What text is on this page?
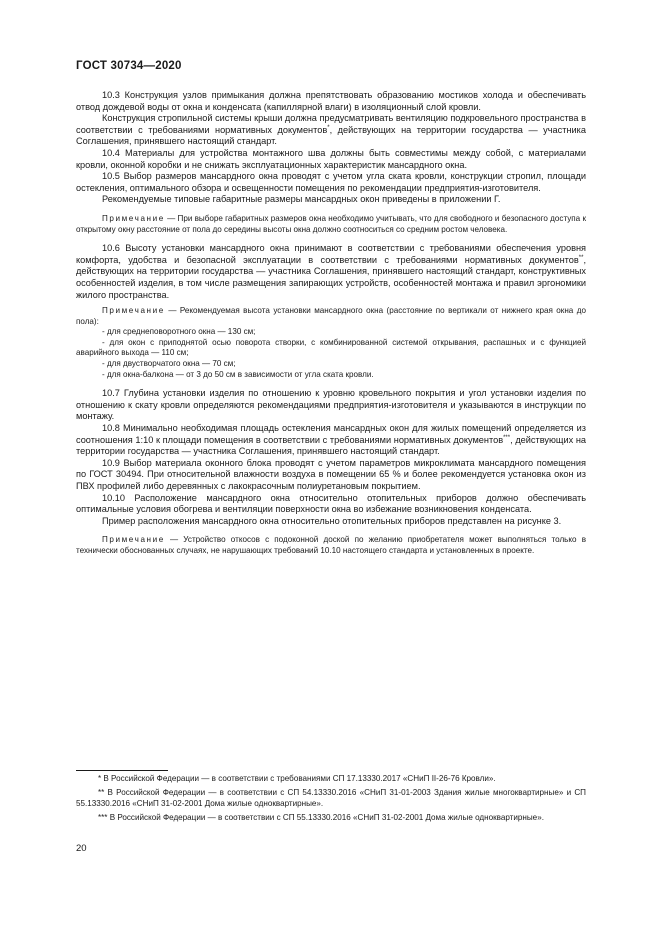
ГОСТ 30734—2020

10.3 Конструкция узлов примыкания должна препятствовать образованию мостиков холода и обеспечивать отвод дождевой воды от окна и конденсата (капиллярной влаги) в изоляционный слой кровли.

Конструкция стропильной системы крыши должна предусматривать вентиляцию подкровельного пространства в соответствии с требованиями нормативных документов*, действующих на территории государства — участника Соглашения, принявшего настоящий стандарт.

10.4 Материалы для устройства монтажного шва должны быть совместимы между собой, с материалами кровли, оконной коробки и не снижать эксплуатационных характеристик мансардного окна.

10.5 Выбор размеров мансардного окна проводят с учетом угла ската кровли, конструкции стропил, площади остекления, оптимального обзора и освещенности помещения по рекомендации предприятия-изготовителя.

Рекомендуемые типовые габаритные размеры мансардных окон приведены в приложении Г.

Примечание — При выборе габаритных размеров окна необходимо учитывать, что для свободного и безопасного доступа к открытому окну расстояние от пола до середины высоты окна должно соотноситься со средним ростом человека.

10.6 Высоту установки мансардного окна принимают в соответствии с требованиями обеспечения уровня комфорта, удобства и безопасной эксплуатации в соответствии с требованиями нормативных документов**, действующих на территории государства — участника Соглашения, принявшего настоящий стандарт, конструктивных особенностей изделия, в том числе размещения запирающих устройств, особенностей монтажа и правил эргономики жилого пространства.

Примечание — Рекомендуемая высота установки мансардного окна (расстояние по вертикали от нижнего края окна до пола):

- для среднеповоротного окна — 130 см;

- для окон с приподнятой осью поворота створки, с комбинированной системой открывания, распашных и с функцией аварийного выхода — 110 см;

- для двустворчатого окна — 70 см;

- для окна-балкона — от 3 до 50 см в зависимости от угла ската кровли.

10.7 Глубина установки изделия по отношению к уровню кровельного покрытия и угол установки изделия по отношению к скату кровли определяются рекомендациями предприятия-изготовителя и указываются в инструкции по монтажу.

10.8 Минимально необходимая площадь остекления мансардных окон для жилых помещений определяется из соотношения 1:10 к площади помещения в соответствии с требованиями нормативных документов***, действующих на территории государства — участника Соглашения, принявшего настоящий стандарт.

10.9 Выбор материала оконного блока проводят с учетом параметров микроклимата мансардного помещения по ГОСТ 30494. При относительной влажности воздуха в помещении 65 % и более рекомендуется установка окон из ПВХ профилей либо деревянных с лакокрасочным полиуретановым покрытием.

10.10 Расположение мансардного окна относительно отопительных приборов должно обеспечивать оптимальные условия обогрева и вентиляции поверхности окна во избежание возникновения конденсата.

Пример расположения мансардного окна относительно отопительных приборов представлен на рисунке 3.

Примечание — Устройство откосов с подоконной доской по желанию приобретателя может выполняться только в технически обоснованных случаях, не нарушающих требований 10.10 настоящего стандарта и установленных в проекте.

* В Российской Федерации — в соответствии с требованиями СП 17.13330.2017 «СНиП II-26-76 Кровли».

** В Российской Федерации — в соответствии с СП 54.13330.2016 «СНиП 31-01-2003 Здания жилые многоквартирные» и СП 55.13330.2016 «СНиП 31-02-2001 Дома жилые одноквартирные».

*** В Российской Федерации — в соответствии с СП 55.13330.2016 «СНиП 31-02-2001 Дома жилые одноквартирные».

20
